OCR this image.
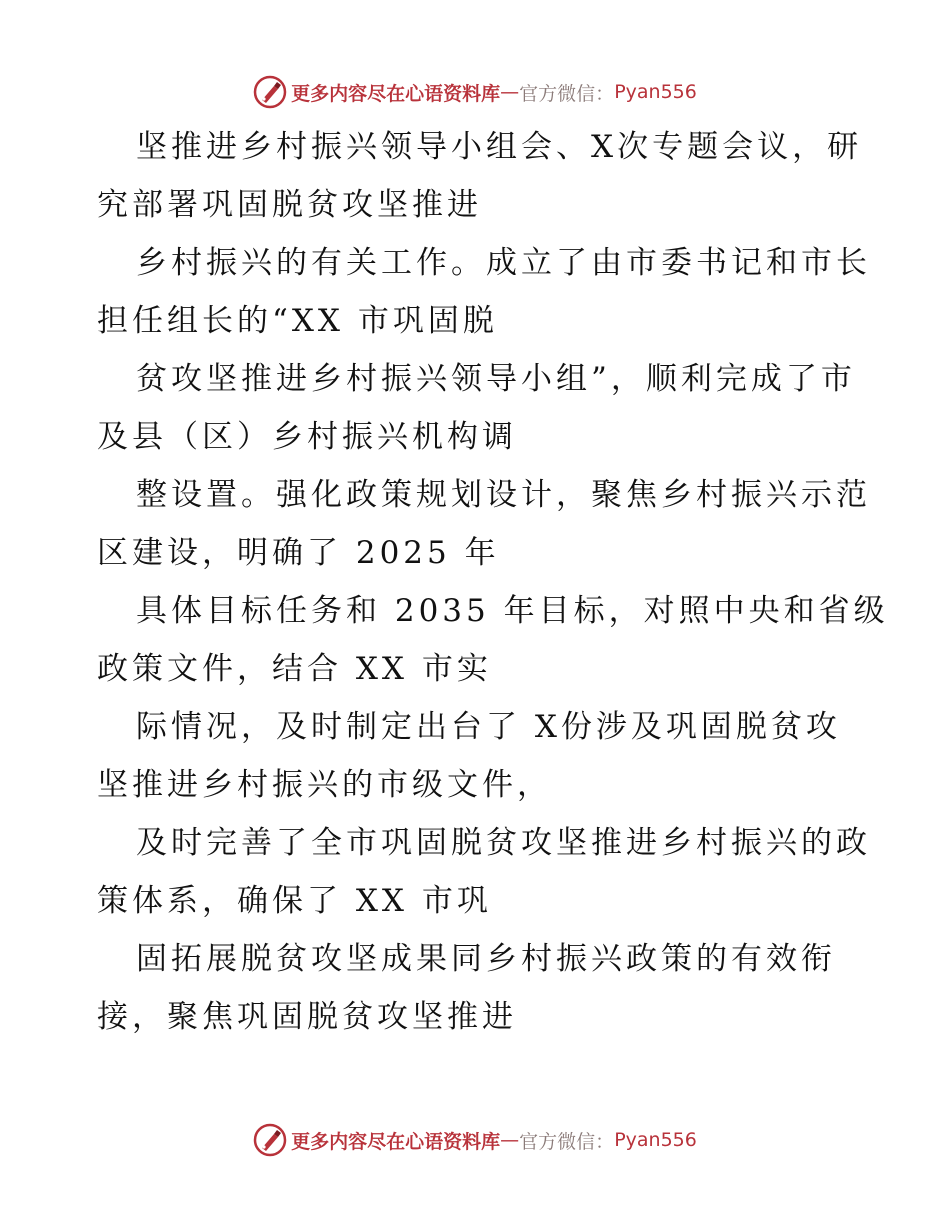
更多内容尽在心语资料库 — 官方微信： Pyan556
坚推进乡村振兴领导小组会、X次专题会议，研
究部署巩固脱贫攻坚推进
乡村振兴的有关工作。成立了由市委书记和市长
担任组长的“XX 市巩固脱
贫攻坚推进乡村振兴领导小组”，顺利完成了市
及县（区）乡村振兴机构调
整设置。强化政策规划设计，聚焦乡村振兴示范
区建设，明确了 2025 年
具体目标任务和 2035 年目标，对照中央和省级
政策文件，结合 XX 市实
际情况，及时制定出台了 X份涉及巩固脱贫攻
坚推进乡村振兴的市级文件，
及时完善了全市巩固脱贫攻坚推进乡村振兴的政
策体系，确保了 XX 市巩
固拓展脱贫攻坚成果同乡村振兴政策的有效衔
接，聚焦巩固脱贫攻坚推进
更多内容尽在心语资料库 — 官方微信： Pyan556
